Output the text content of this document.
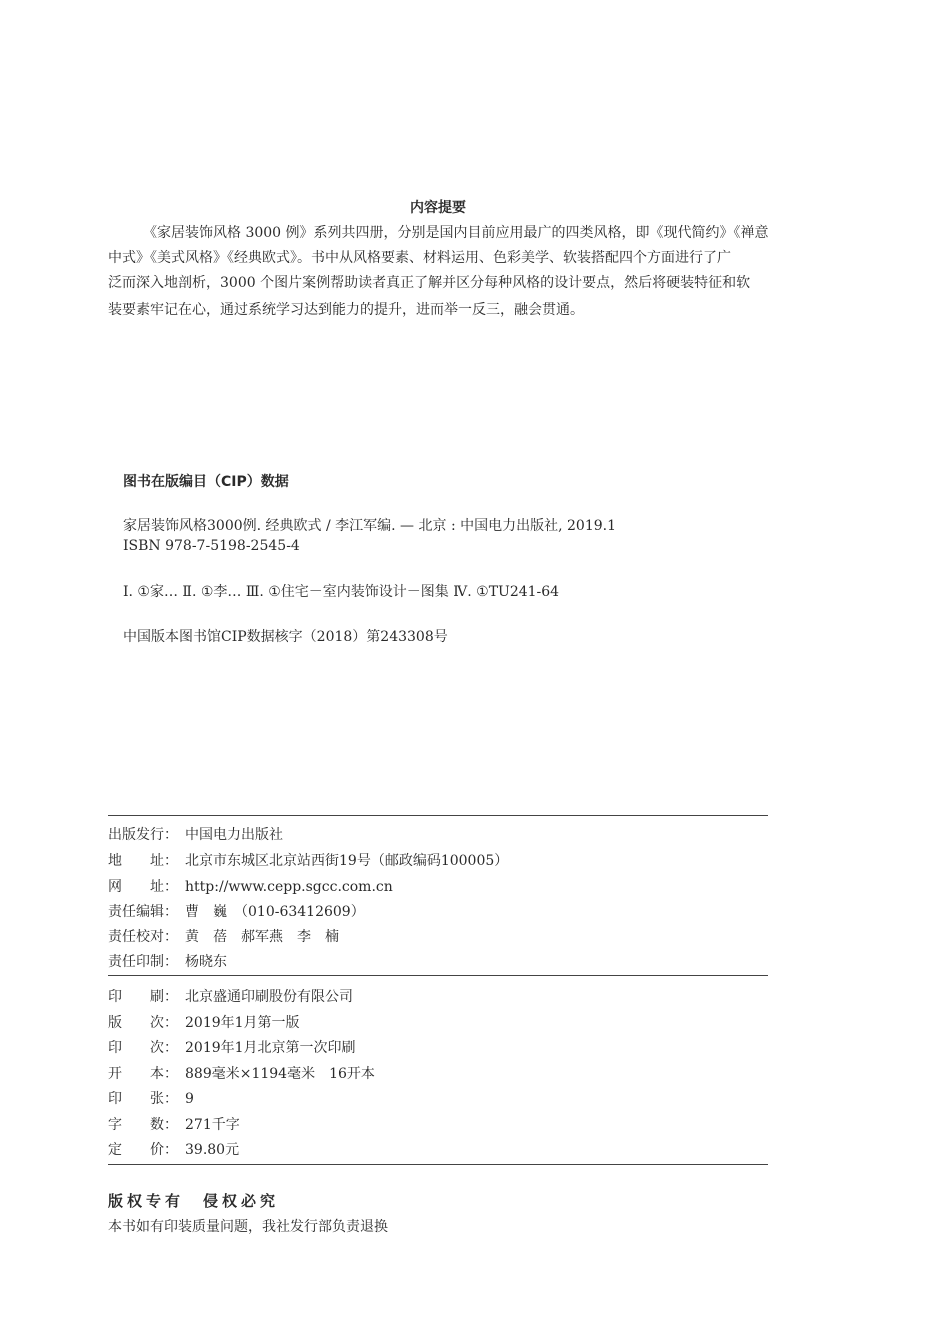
内容提要
《家居装饰风格 3000 例》系列共四册，分别是国内目前应用最广的四类风格，即《现代简约》《禅意
中式》《美式风格》《经典欧式》。书中从风格要素、材料运用、色彩美学、软装搭配四个方面进行了广
泛而深入地剖析，3000 个图片案例帮助读者真正了解并区分每种风格的设计要点，然后将硬装特征和软
装要素牢记在心，通过系统学习达到能力的提升，进而举一反三，融会贯通。
图书在版编目（CIP）数据
家居装饰风格3000例. 经典欧式 / 李江军编. — 北京 : 中国电力出版社, 2019.1
ISBN 978-7-5198-2545-4
Ⅰ. ①家… Ⅱ. ①李… Ⅲ. ①住宅－室内装饰设计－图集 Ⅳ. ①TU241-64
中国版本图书馆CIP数据核字（2018）第243308号
出版发行： 中国电力出版社
地　　址： 北京市东城区北京站西街19号（邮政编码100005）
网　　址： http://www.cepp.sgcc.com.cn
责任编辑： 曹　巍　（010-63412609）
责任校对： 黄　蓓　郝军燕　李　楠
责任印制： 杨晓东
印　　刷： 北京盛通印刷股份有限公司
版　　次： 2019年1月第一版
印　　次： 2019年1月北京第一次印刷
开　　本： 889毫米×1194毫米　16开本
印　　张： 9
字　　数： 271千字
定　　价： 39.80元
版权专有　侵权必究
本书如有印装质量问题，我社发行部负责退换
